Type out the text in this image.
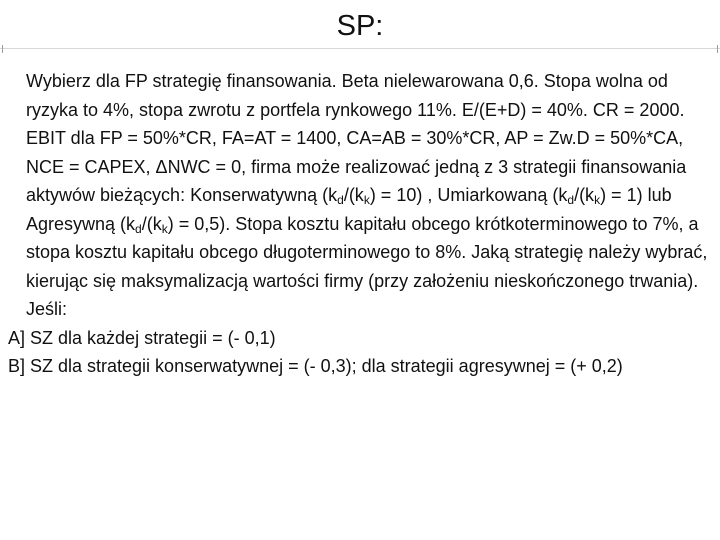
SP:
Wybierz dla FP strategię finansowania. Beta nielewarowana 0,6. Stopa wolna od ryzyka to 4%, stopa zwrotu z portfela rynkowego 11%. E/(E+D) = 40%. CR = 2000. EBIT dla FP = 50%*CR, FA=AT = 1400, CA=AB = 30%*CR, AP = Zw.D = 50%*CA, NCE = CAPEX, ΔNWC = 0, firma może realizować jedną z 3 strategii finansowania aktywów bieżących: Konserwatywną $(k_d/(k_k) = 10)$ , Umiarkowaną $(k_d/(k_k) = 1)$ lub Agresywną $(k_d/(k_k) = 0,5)$. Stopa kosztu kapitału obcego krótkoterminowego to 7%, a stopa kosztu kapitału obcego długoterminowego to 8%. Jaką strategię należy wybrać, kierując się maksymalizacją wartości firmy (przy założeniu nieskończonego trwania). Jeśli:
A] SZ dla każdej strategii = (- 0,1)
B] SZ dla strategii konserwatywnej = (- 0,3); dla strategii agresywnej = (+ 0,2)
